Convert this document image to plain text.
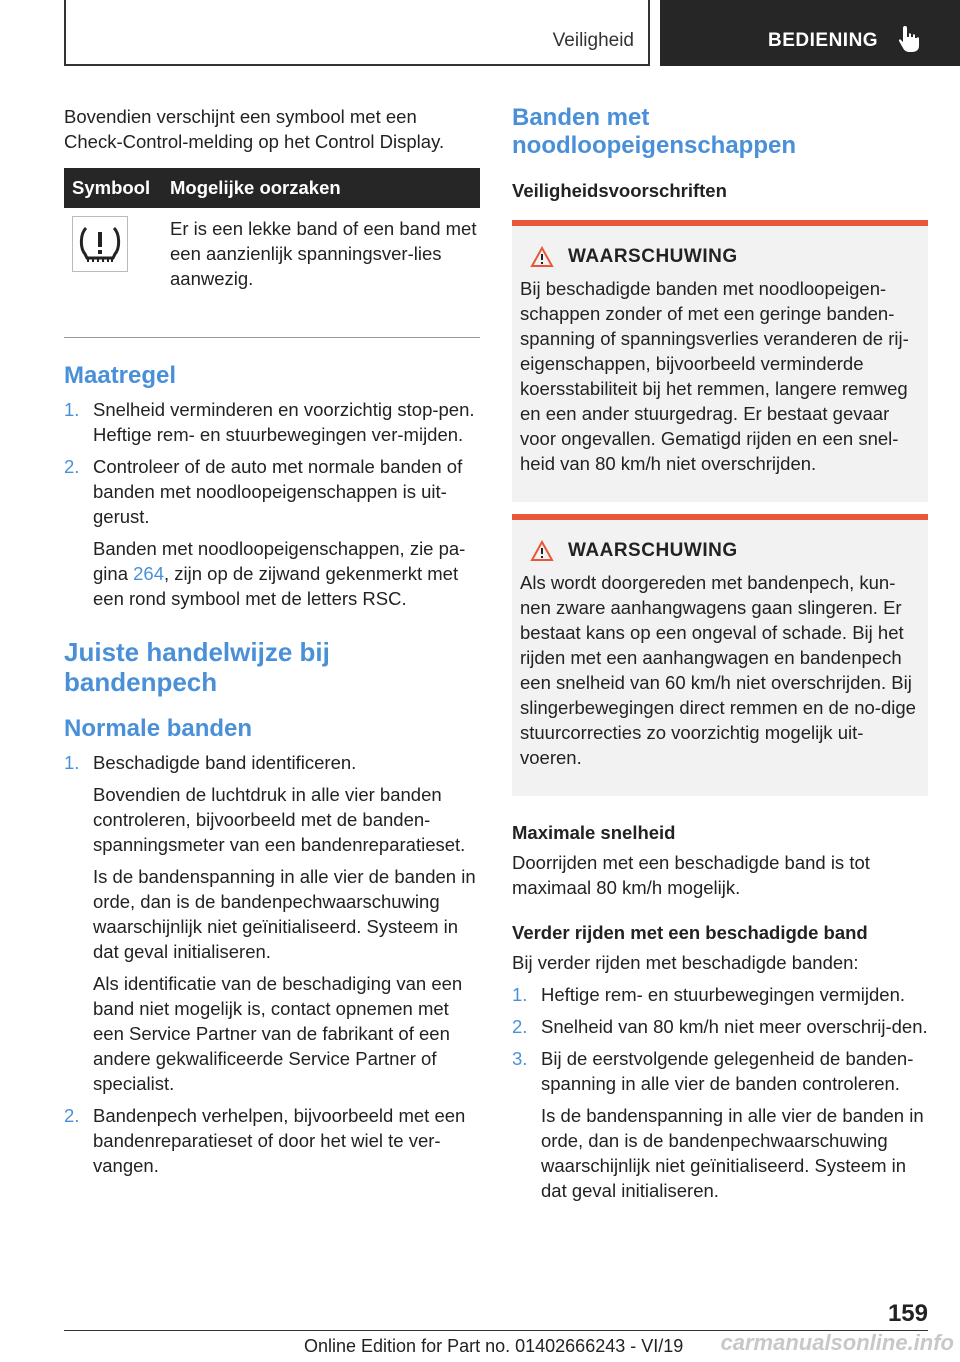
Veiligheid	BEDIENING

Bovendien verschijnt een symbool met een Check-Control-melding op het Control Display.

Symbool	Mogelijke oorzaken
Er is een lekke band of een band met een aanzienlijk spanningsver-lies aanwezig.
Maatregel
1. Snelheid verminderen en voorzichtig stop-pen. Heftige rem- en stuurbewegingen ver-mijden.

2. Controleer of de auto met normale banden of banden met noodloopeigenschappen is uit-gerust.

Banden met noodloopeigenschappen, zie pa-gina 264, zijn op de zijwand gekenmerkt met een rond symbool met de letters RSC.

Juiste handelwijze bij bandenpech
Normale banden
1. Beschadigde band identificeren.

Bovendien de luchtdruk in alle vier banden controleren, bijvoorbeeld met de banden-spanningsmeter van een bandenreparatieset.

Is de bandenspanning in alle vier de banden in orde, dan is de bandenpechwaarschuwing waarschijnlijk niet geïnitialiseerd. Systeem in dat geval initialiseren.

Als identificatie van de beschadiging van een band niet mogelijk is, contact opnemen met een Service Partner van de fabrikant of een andere gekwalificeerde Service Partner of specialist.

2. Bandenpech verhelpen, bijvoorbeeld met een bandenreparatieset of door het wiel te ver-vangen.

Banden met noodloopeigenschappen
Veiligheidsvoorschriften
WAARSCHUWING

Bij beschadigde banden met noodloopeigen-schappen zonder of met een geringe banden-spanning of spanningsverlies veranderen de rij-eigenschappen, bijvoorbeeld verminderde koersstabiliteit bij het remmen, langere remweg en een ander stuurgedrag. Er bestaat gevaar voor ongevallen. Gematigd rijden en een snel-heid van 80 km/h niet overschrijden.

WAARSCHUWING

Als wordt doorgereden met bandenpech, kun-nen zware aanhangwagens gaan slingeren. Er bestaat kans op een ongeval of schade. Bij het rijden met een aanhangwagen en bandenpech een snelheid van 60 km/h niet overschrijden. Bij slingerbewegingen direct remmen en de no-dige stuurcorrecties zo voorzichtig mogelijk uit-voeren.

Maximale snelheid

Doorrijden met een beschadigde band is tot maximaal 80 km/h mogelijk.

Verder rijden met een beschadigde band

Bij verder rijden met beschadigde banden:

1. Heftige rem- en stuurbewegingen vermijden.

2. Snelheid van 80 km/h niet meer overschrij-den.

3. Bij de eerstvolgende gelegenheid de banden-spanning in alle vier de banden controleren.

Is de bandenspanning in alle vier de banden in orde, dan is de bandenpechwaarschuwing waarschijnlijk niet geïnitialiseerd. Systeem in dat geval initialiseren.

159
Online Edition for Part no. 01402666243 - VI/19 carmanualsonline.info
